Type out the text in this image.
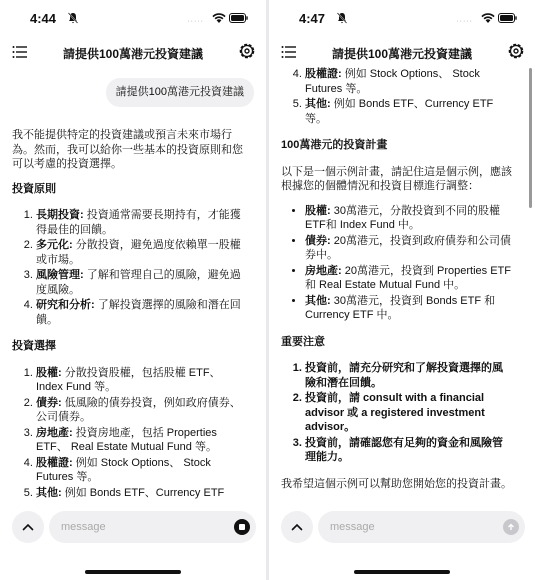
4:44	·····
請提供100萬港元投資建議
請提供100萬港元投資建議
我不能提供特定的投資建議或預言未來市場行為。然而，我可以給你一些基本的投資原則和您可以考慮的投資選擇。
投資原則
1. 長期投資: 投資通常需要長期持有，才能獲得最佳的回饋。
2. 多元化: 分散投資，避免過度依賴單一股權或市場。
3. 風險管理: 了解和管理自己的風險，避免過度風險。
4. 研究和分析: 了解投資選擇的風險和潛在回饋。
投資選擇
1. 股權: 分散投資股權，包括股權 ETF、Index Fund 等。
2. 債券: 低風險的債券投資，例如政府債券、公司債券。
3. 房地產: 投資房地產，包括 Properties ETF、 Real Estate Mutual Fund 等。
4. 股權證: 例如 Stock Options、 Stock Futures 等。
5. 其他: 例如 Bonds ETF、Currency ETF
message
4:47	·····
請提供100萬港元投資建議
4. 股權證: 例如 Stock Options、 Stock Futures 等。
5. 其他: 例如 Bonds ETF、Currency ETF 等。
100萬港元的投資計畫
以下是一個示例計畫，請記住這是個示例，應該根據您的個體情況和投資目標進行調整：
• 股權: 30萬港元，分散投資到不同的股權ETF和 Index Fund 中。
• 債券: 20萬港元，投資到政府債券和公司債券中。
• 房地產: 20萬港元，投資到 Properties ETF 和 Real Estate Mutual Fund 中。
• 其他: 30萬港元，投資到 Bonds ETF 和 Currency ETF 中。
重要注意
1. 投資前，請充分研究和了解投資選擇的風險和潛在回饋。
2. 投資前，請 consult with a financial advisor 或 a registered investment advisor。
3. 投資前，請確認您有足夠的資金和風險管理能力。
我希望這個示例可以幫助您開始您的投資計畫。
message
